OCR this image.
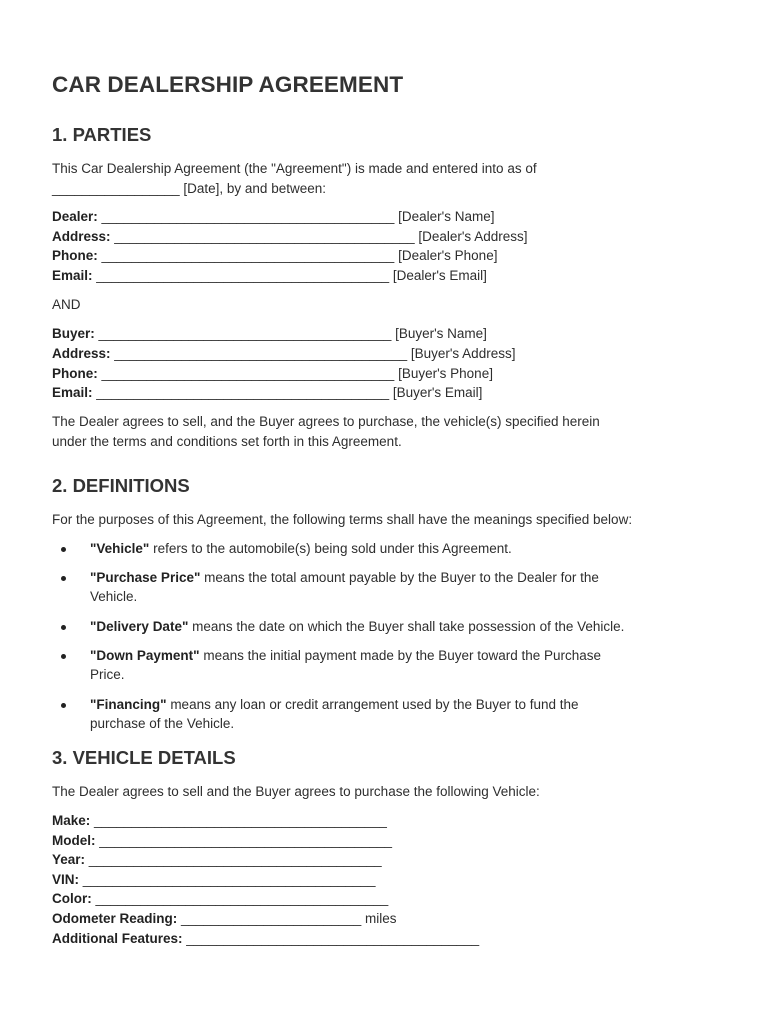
CAR DEALERSHIP AGREEMENT
1. PARTIES

This Car Dealership Agreement (the "Agreement") is made and entered into as of

_________________ [Date], by and between:

Dealer: _______________________________________ [Dealer's Name]
Address: ________________________________________ [Dealer's Address]
Phone: _______________________________________ [Dealer's Phone]
Email: _______________________________________ [Dealer's Email]

AND

Buyer: _______________________________________ [Buyer's Name]
Address: _______________________________________ [Buyer's Address]
Phone: _______________________________________ [Buyer's Phone]
Email: _______________________________________ [Buyer's Email]

The Dealer agrees to sell, and the Buyer agrees to purchase, the vehicle(s) specified herein

under the terms and conditions set forth in this Agreement.

2. DEFINITIONS

For the purposes of this Agreement, the following terms shall have the meanings specified below:

"Vehicle" refers to the automobile(s) being sold under this Agreement.
"Purchase Price" means the total amount payable by the Buyer to the Dealer for the
Vehicle.
"Delivery Date" means the date on which the Buyer shall take possession of the Vehicle.
"Down Payment" means the initial payment made by the Buyer toward the Purchase
Price.
"Financing" means any loan or credit arrangement used by the Buyer to fund the
purchase of the Vehicle.
3. VEHICLE DETAILS

The Dealer agrees to sell and the Buyer agrees to purchase the following Vehicle:

Make: _______________________________________
Model: _______________________________________
Year: _______________________________________
VIN: _______________________________________
Color: _______________________________________
Odometer Reading: ________________________ miles
Additional Features: _______________________________________
